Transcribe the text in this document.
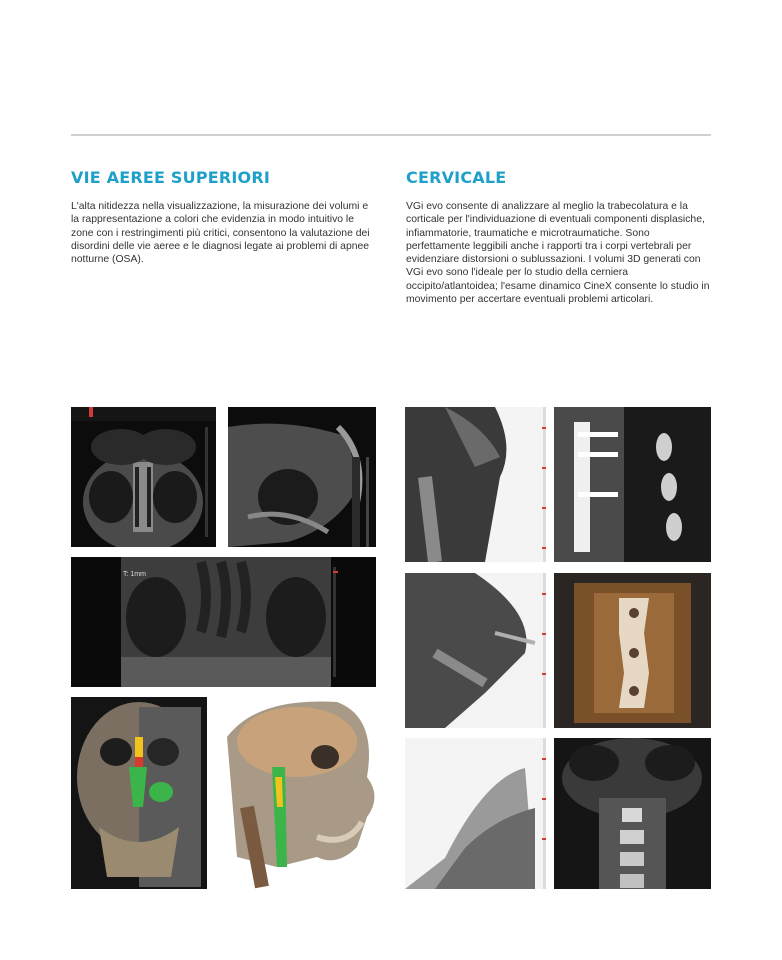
VIE AEREE SUPERIORI

L'alta nitidezza nella visualizzazione, la misurazione dei volumi e la rappresentazione a colori che evidenzia in modo intuitivo le zone con i restringimenti più critici, consentono la valutazione dei disordini delle vie aeree e le diagnosi legate ai problemi di apnee notturne (OSA).

CERVICALE

VGi evo consente di analizzare al meglio la trabecolatura e la corticale per l'individuazione di eventuali componenti displasiche, infiammatorie, traumatiche e microtraumatiche. Sono perfettamente leggibili anche i rapporti tra i corpi vertebrali per evidenziare distorsioni o sublussazioni. I volumi 3D generati con VGi evo sono l'ideale per lo studio della cerniera occipito/atlantoidea; l'esame dinamico CineX consente lo studio in movimento per accertare eventuali problemi articolari.

T: 1mm
